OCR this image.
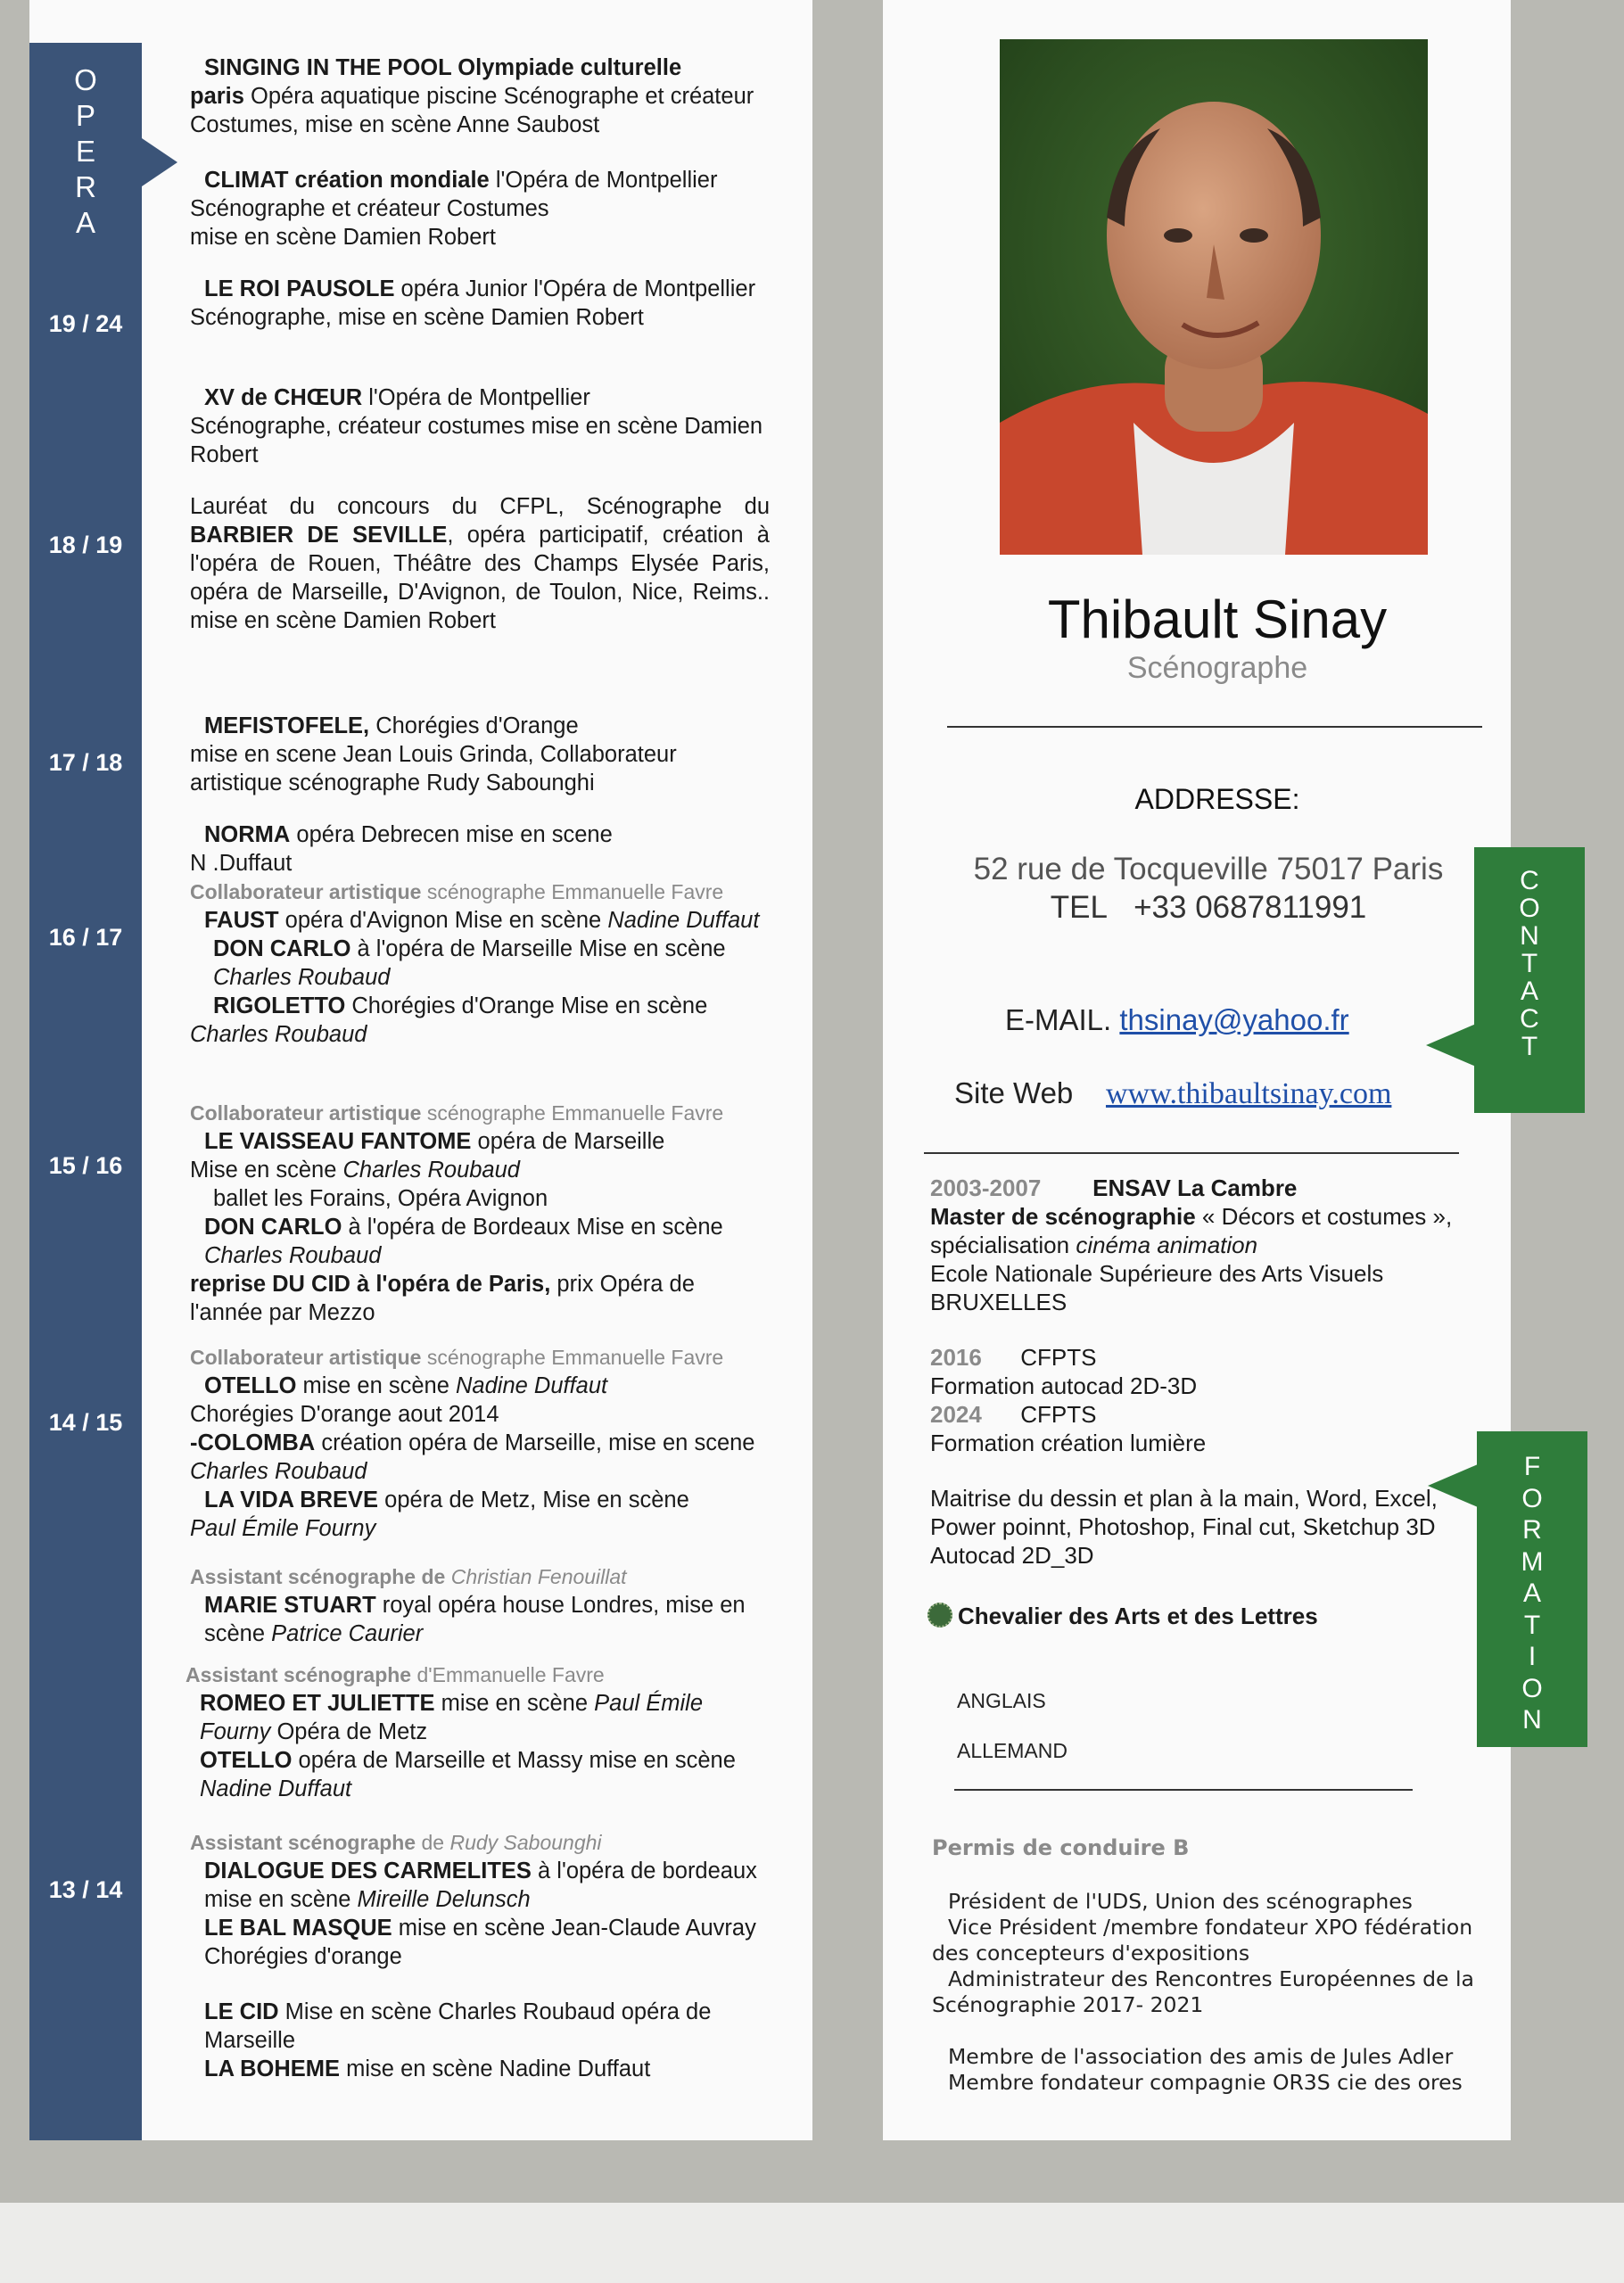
O
P
E
R
A
19 / 24
18 / 19
17 / 18
16 / 17
15 / 16
14 / 15
13 / 14

SINGING IN THE POOL Olympiade culturelle

paris Opéra aquatique piscine Scénographe et créateur Costumes, mise en scène Anne Saubost

CLIMAT création mondiale l'Opéra de Montpellier

Scénographe et créateur Costumes

mise en scène Damien Robert

LE ROI PAUSOLE opéra Junior l'Opéra de Montpellier Scénographe, mise en scène Damien Robert

XV de CHŒUR l'Opéra de Montpellier

Scénographe, créateur costumes mise en scène Damien Robert

Lauréat du concours du CFPL, Scénographe du BARBIER DE SEVILLE, opéra participatif, création à l'opéra de Rouen, Théâtre des Champs Elysée Paris, opéra de Marseille, D'Avignon, de Toulon, Nice, Reims.. mise en scène Damien Robert

MEFISTOFELE, Chorégies d'Orange

mise en scene Jean Louis Grinda, Collaborateur artistique scénographe Rudy Sabounghi

NORMA opéra Debrecen mise en scene

N .Duffaut

Collaborateur artistique scénographe Emmanuelle Favre

FAUST opéra d'Avignon Mise en scène Nadine Duffaut

DON CARLO à l'opéra de Marseille Mise en scène Charles Roubaud

RIGOLETTO Chorégies d'Orange Mise en scène

Charles Roubaud

Collaborateur artistique scénographe Emmanuelle Favre

LE VAISSEAU FANTOME opéra de Marseille

Mise en scène Charles Roubaud

ballet les Forains, Opéra Avignon

DON CARLO à l'opéra de Bordeaux Mise en scène Charles Roubaud

reprise DU CID à l'opéra de Paris, prix Opéra de l'année par Mezzo

Collaborateur artistique scénographe Emmanuelle Favre

OTELLO mise en scène Nadine Duffaut

Chorégies D'orange aout 2014

-COLOMBA création opéra de Marseille, mise en scene Charles Roubaud

LA VIDA BREVE opéra de Metz, Mise en scène

Paul Émile Fourny

Assistant scénographe de Christian Fenouillat

MARIE STUART royal opéra house Londres, mise en scène Patrice Caurier

Assistant scénographe d'Emmanuelle Favre

ROMEO ET JULIETTE mise en scène Paul Émile Fourny Opéra de Metz

OTELLO opéra de Marseille et Massy mise en scène Nadine Duffaut

Assistant scénographe de Rudy Sabounghi

DIALOGUE DES CARMELITES à l'opéra de bordeaux mise en scène Mireille Delunsch

LE BAL MASQUE mise en scène Jean-Claude Auvray Chorégies d'orange

LE CID Mise en scène Charles Roubaud opéra de Marseille

LA BOHEME mise en scène Nadine Duffaut

Thibault Sinay
Scénographe
ADDRESSE:
52 rue de Tocqueville 75017 Paris
TEL +33 0687811991
E-MAIL. thsinay@yahoo.fr
Site Web www.thibaultsinay.com
C
O
N
T
A
C
T

2003-2007 ENSAV La Cambre

Master de scénographie « Décors et costumes », spécialisation cinéma animation

Ecole Nationale Supérieure des Arts Visuels

BRUXELLES

2016 CFPTS

Formation autocad 2D-3D

2024 CFPTS

Formation création lumière

Maitrise du dessin et plan à la main, Word, Excel, Power poinnt, Photoshop, Final cut, Sketchup 3D Autocad 2D_3D

Chevalier des Arts et des Lettres

F
O
R
M
A
T
I
O
N
ANGLAIS
ALLEMAND
Permis de conduire B

Président de l'UDS, Union des scénographes

Vice Président /membre fondateur XPO fédération des concepteurs d'expositions

Administrateur des Rencontres Européennes de la Scénographie 2017- 2021

Membre de l'association des amis de Jules Adler

Membre fondateur compagnie OR3S cie des ores
